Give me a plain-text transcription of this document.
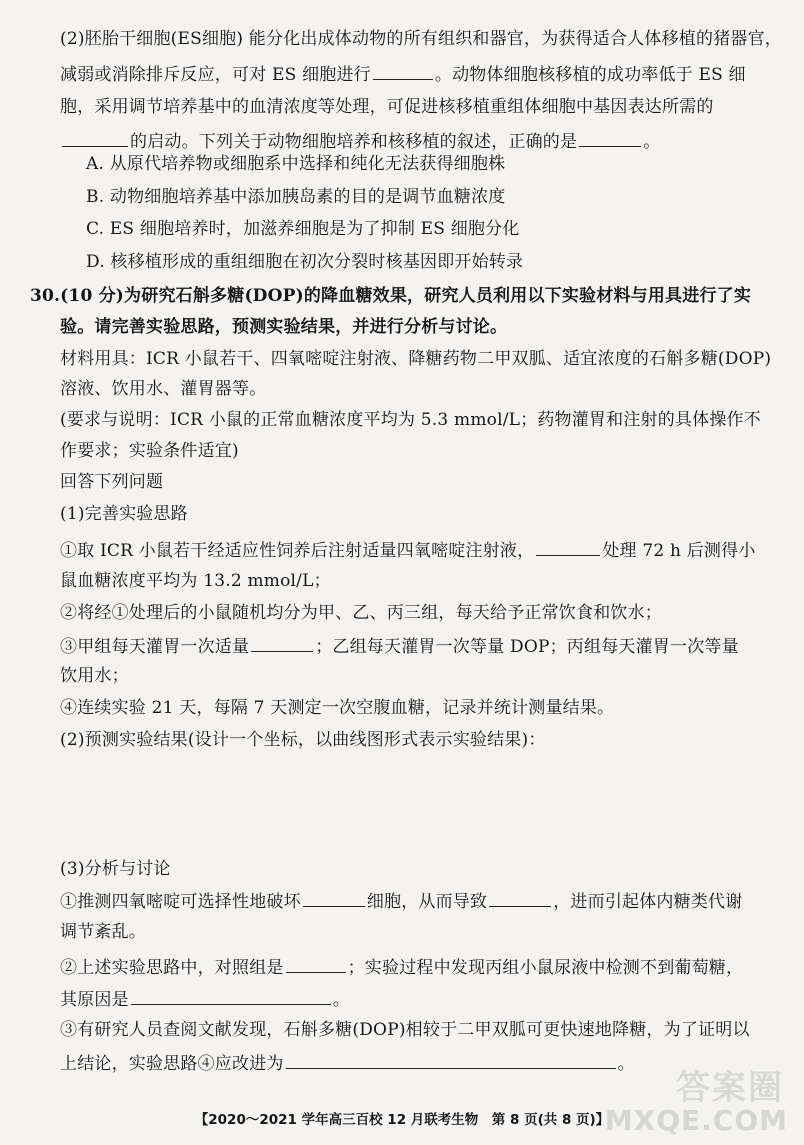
(2)胚胎干细胞(ES细胞) 能分化出成体动物的所有组织和器官，为获得适合人体移植的猪器官，
减弱或消除排斥反应，可对 ES 细胞进行	。动物体细胞核移植的成功率低于 ES 细
胞，采用调节培养基中的血清浓度等处理，可促进核移植重组体细胞中基因表达所需的
的启动。下列关于动物细胞培养和核移植的叙述，正确的是	。
A. 从原代培养物或细胞系中选择和纯化无法获得细胞株
B. 动物细胞培养基中添加胰岛素的目的是调节血糖浓度
C. ES 细胞培养时，加滋养细胞是为了抑制 ES 细胞分化
D. 核移植形成的重组细胞在初次分裂时核基因即开始转录
30.(10 分)为研究石斛多糖(DOP)的降血糖效果，研究人员利用以下实验材料与用具进行了实
验。请完善实验思路，预测实验结果，并进行分析与讨论。
材料用具：ICR 小鼠若干、四氧嘧啶注射液、降糖药物二甲双胍、适宜浓度的石斛多糖(DOP)
溶液、饮用水、灌胃器等。
(要求与说明：ICR 小鼠的正常血糖浓度平均为 5.3 mmol/L；药物灌胃和注射的具体操作不
作要求；实验条件适宜)
回答下列问题
(1)完善实验思路
①取 ICR 小鼠若干经适应性饲养后注射适量四氧嘧啶注射液，	处理 72 h 后测得小
鼠血糖浓度平均为 13.2 mmol/L；
②将经①处理后的小鼠随机均分为甲、乙、丙三组，每天给予正常饮食和饮水；
③甲组每天灌胃一次适量	；乙组每天灌胃一次等量 DOP；丙组每天灌胃一次等量
饮用水；
④连续实验 21 天，每隔 7 天测定一次空腹血糖，记录并统计测量结果。
(2)预测实验结果(设计一个坐标，以曲线图形式表示实验结果)：
(3)分析与讨论
①推测四氧嘧啶可选择性地破坏	细胞，从而导致	，进而引起体内糖类代谢
调节紊乱。
②上述实验思路中，对照组是	；实验过程中发现丙组小鼠尿液中检测不到葡萄糖，
其原因是	。
③有研究人员查阅文献发现，石斛多糖(DOP)相较于二甲双胍可更快速地降糖，为了证明以
上结论，实验思路④应改进为	。
【2020～2021 学年高三百校 12 月联考生物　第 8 页(共 8 页)】
答案圈
MXQE.COM
